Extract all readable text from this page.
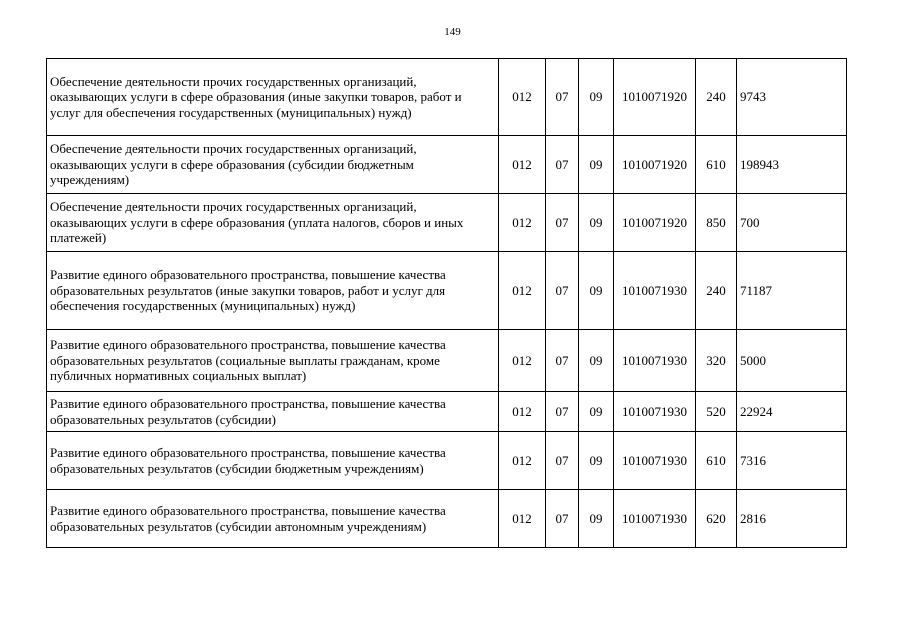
149
Обеспечение деятельности прочих государственных организаций, оказывающих услуги в сфере образования (иные закупки товаров, работ и услуг для обеспечения государственных (муниципальных) нужд)	012	07	09	1010071920	240	9743
Обеспечение деятельности прочих государственных организаций, оказывающих услуги в сфере образования (субсидии бюджетным учреждениям)	012	07	09	1010071920	610	198943
Обеспечение деятельности прочих государственных организаций, оказывающих услуги в сфере образования (уплата налогов, сборов и иных платежей)	012	07	09	1010071920	850	700
Развитие единого образовательного пространства, повышение качества образовательных результатов (иные закупки товаров, работ и услуг для обеспечения государственных (муниципальных) нужд)	012	07	09	1010071930	240	71187
Развитие единого образовательного пространства, повышение качества образовательных результатов (социальные выплаты гражданам, кроме публичных нормативных социальных выплат)	012	07	09	1010071930	320	5000
Развитие единого образовательного пространства, повышение качества образовательных результатов (субсидии)	012	07	09	1010071930	520	22924
Развитие единого образовательного пространства, повышение качества образовательных результатов (субсидии бюджетным учреждениям)	012	07	09	1010071930	610	7316
Развитие единого образовательного пространства, повышение качества образовательных результатов (субсидии автономным учреждениям)	012	07	09	1010071930	620	2816
